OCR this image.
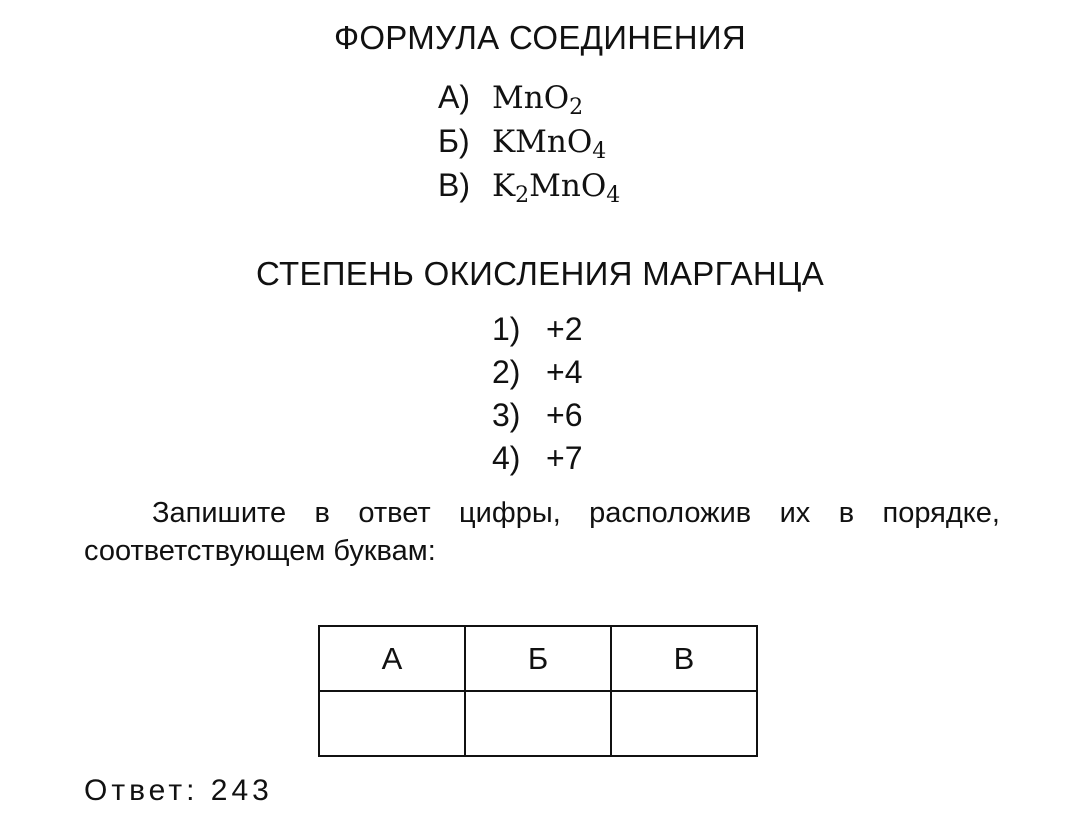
ФОРМУЛА СОЕДИНЕНИЯ
А) MnO$_2$
Б) KMnO$_4$
В) $K_2MnO_4$
СТЕПЕНЬ ОКИСЛЕНИЯ МАРГАНЦА
1) +2
2) +4
3) +6
4) +7
Запишите в ответ цифры, расположив их в порядке, соответствующем буквам:
А	Б	В

Ответ: 243
